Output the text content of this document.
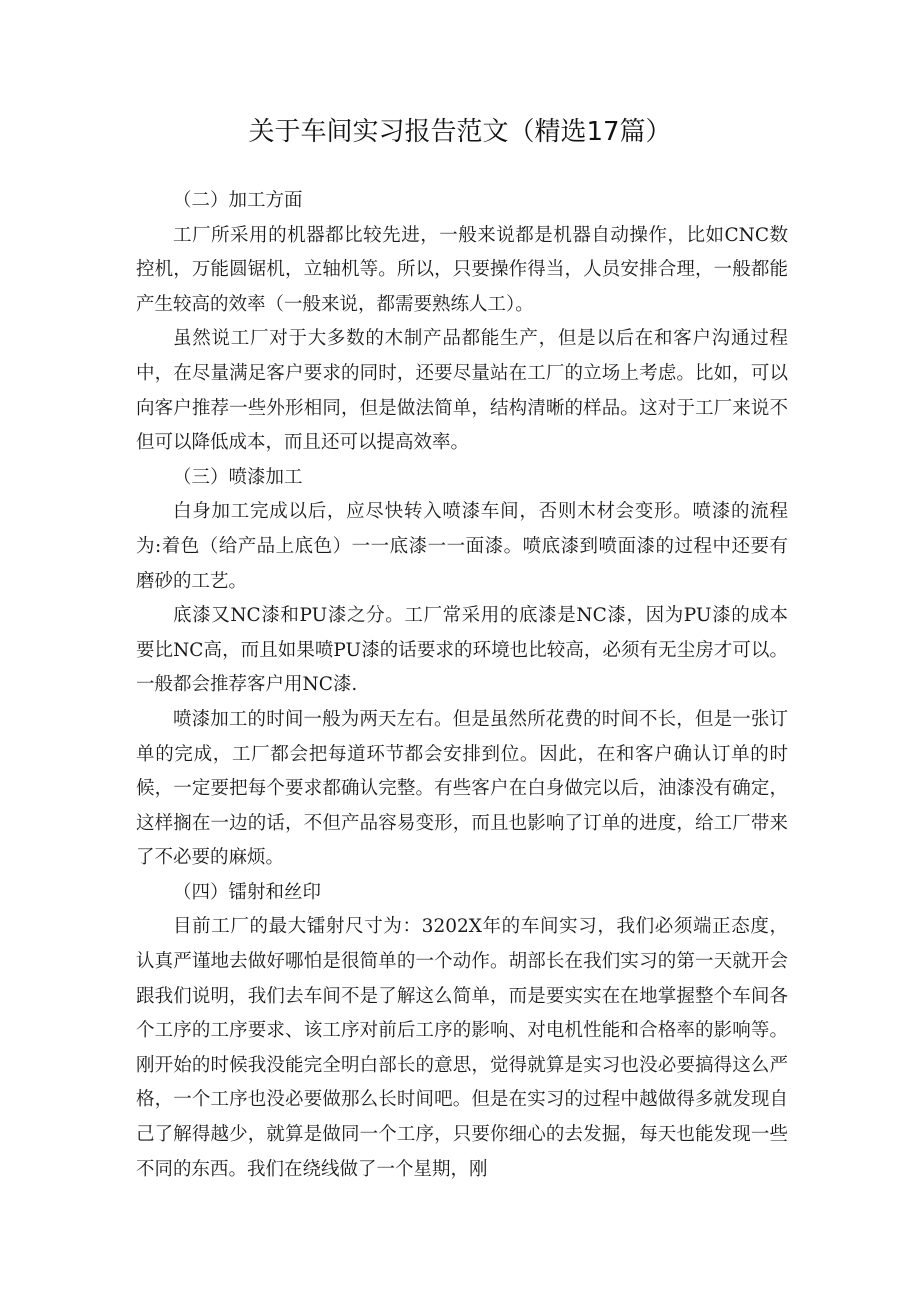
关于车间实习报告范文（精选17篇）

（二）加工方面

工厂所采用的机器都比较先进，一般来说都是机器自动操作，比如CNC数控机，万能圆锯机，立轴机等。所以，只要操作得当，人员安排合理，一般都能产生较高的效率（一般来说，都需要熟练人工）。

虽然说工厂对于大多数的木制产品都能生产，但是以后在和客户沟通过程中，在尽量满足客户要求的同时，还要尽量站在工厂的立场上考虑。比如，可以向客户推荐一些外形相同，但是做法简单，结构清晰的样品。这对于工厂来说不但可以降低成本，而且还可以提高效率。

（三）喷漆加工

白身加工完成以后，应尽快转入喷漆车间，否则木材会变形。喷漆的流程为:着色（给产品上底色）一一底漆一一面漆。喷底漆到喷面漆的过程中还要有磨砂的工艺。

底漆又NC漆和PU漆之分。工厂常采用的底漆是NC漆，因为PU漆的成本要比NC高，而且如果喷PU漆的话要求的环境也比较高，必须有无尘房才可以。一般都会推荐客户用NC漆.

喷漆加工的时间一般为两天左右。但是虽然所花费的时间不长，但是一张订单的完成，工厂都会把每道环节都会安排到位。因此，在和客户确认订单的时候，一定要把每个要求都确认完整。有些客户在白身做完以后，油漆没有确定，这样搁在一边的话，不但产品容易变形，而且也影响了订单的进度，给工厂带来了不必要的麻烦。

（四）镭射和丝印

目前工厂的最大镭射尺寸为：3202X年的车间实习，我们必须端正态度，认真严谨地去做好哪怕是很简单的一个动作。胡部长在我们实习的第一天就开会跟我们说明，我们去车间不是了解这么简单，而是要实实在在地掌握整个车间各个工序的工序要求、该工序对前后工序的影响、对电机性能和合格率的影响等。刚开始的时候我没能完全明白部长的意思，觉得就算是实习也没必要搞得这么严格，一个工序也没必要做那么长时间吧。但是在实习的过程中越做得多就发现自己了解得越少，就算是做同一个工序，只要你细心的去发掘，每天也能发现一些不同的东西。我们在绕线做了一个星期，刚
